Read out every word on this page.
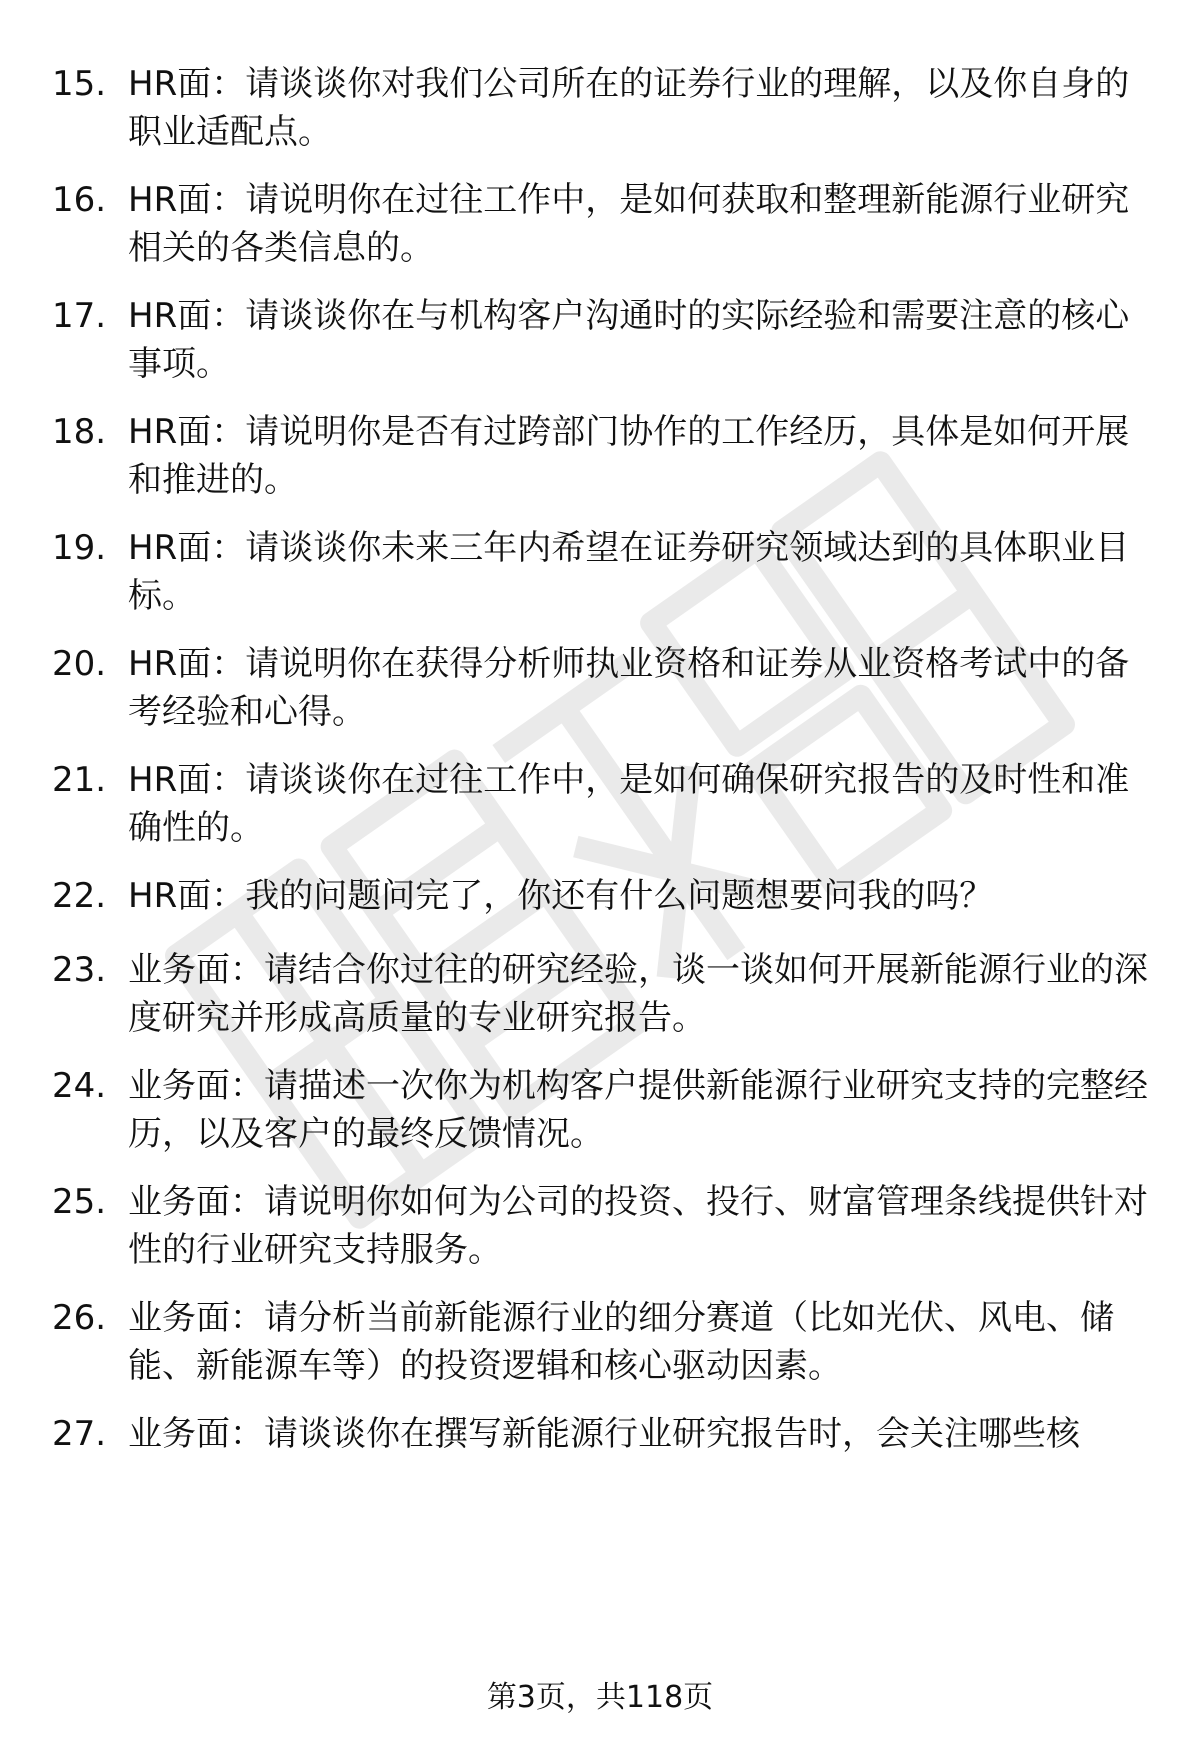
15. HR面：请谈谈你对我们公司所在的证券行业的理解，以及你自身的职业适配点。
16. HR面：请说明你在过往工作中，是如何获取和整理新能源行业研究相关的各类信息的。
17. HR面：请谈谈你在与机构客户沟通时的实际经验和需要注意的核心事项。
18. HR面：请说明你是否有过跨部门协作的工作经历，具体是如何开展和推进的。
19. HR面：请谈谈你未来三年内希望在证券研究领域达到的具体职业目标。
20. HR面：请说明你在获得分析师执业资格和证券从业资格考试中的备考经验和心得。
21. HR面：请谈谈你在过往工作中，是如何确保研究报告的及时性和准确性的。
22. HR面：我的问题问完了，你还有什么问题想要问我的吗？
23. 业务面：请结合你过往的研究经验，谈一谈如何开展新能源行业的深度研究并形成高质量的专业研究报告。
24. 业务面：请描述一次你为机构客户提供新能源行业研究支持的完整经历，以及客户的最终反馈情况。
25. 业务面：请说明你如何为公司的投资、投行、财富管理条线提供针对性的行业研究支持服务。
26. 业务面：请分析当前新能源行业的细分赛道（比如光伏、风电、储能、新能源车等）的投资逻辑和核心驱动因素。
27. 业务面：请谈谈你在撰写新能源行业研究报告时，会关注哪些核
第3页，共118页
